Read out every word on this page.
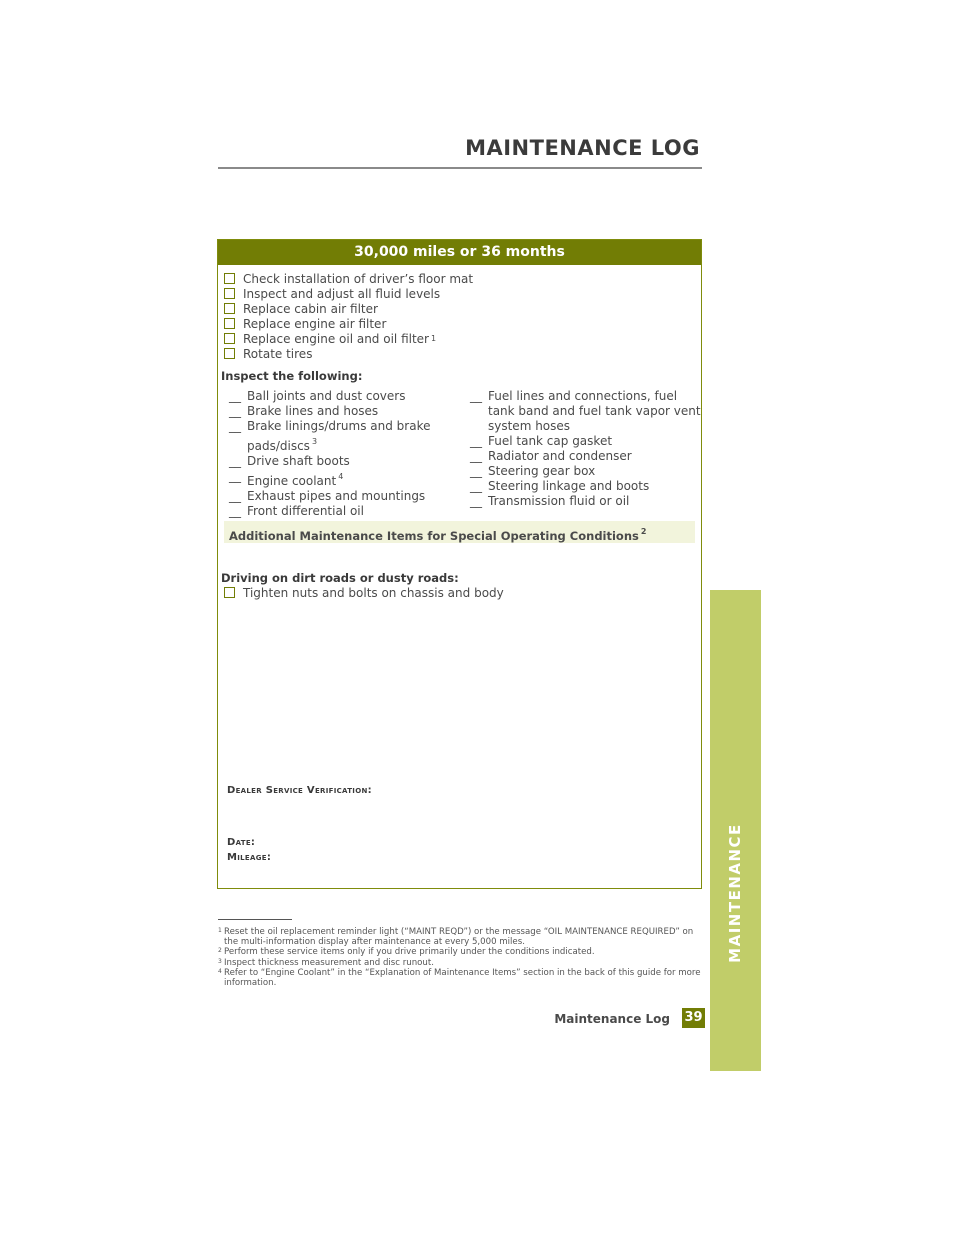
MAINTENANCE LOG
30,000 miles or 36 months
Check installation of driver’s floor mat
Inspect and adjust all fluid levels
Replace cabin air filter
Replace engine air filter
Replace engine oil and oil filter 1
Rotate tires
Inspect the following:
__ Ball joints and dust covers
__ Brake lines and hoses
__ Brake linings/drums and brake pads/discs $^3$
__ Drive shaft boots
__ Engine coolant $^4$
__ Exhaust pipes and mountings
__ Front differential oil
__ Fuel lines and connections, fuel tank band and fuel tank vapor vent system hoses
__ Fuel tank cap gasket
__ Radiator and condenser
__ Steering gear box
__ Steering linkage and boots
__ Transmission fluid or oil
Additional Maintenance Items for Special Operating Conditions $^2$
Driving on dirt roads or dusty roads:
Tighten nuts and bolts on chassis and body
Dealer Service Verification:
Date:
Mileage:
1 Reset the oil replacement reminder light (“MAINT REQD”) or the message “OIL MAINTENANCE REQUIRED” on the multi-information display after maintenance at every 5,000 miles.
2 Perform these service items only if you drive primarily under the conditions indicated.
3 Inspect thickness measurement and disc runout.
4 Refer to “Engine Coolant” in the “Explanation of Maintenance Items” section in the back of this guide for more information.
Maintenance Log 39
MAINTENANCE
